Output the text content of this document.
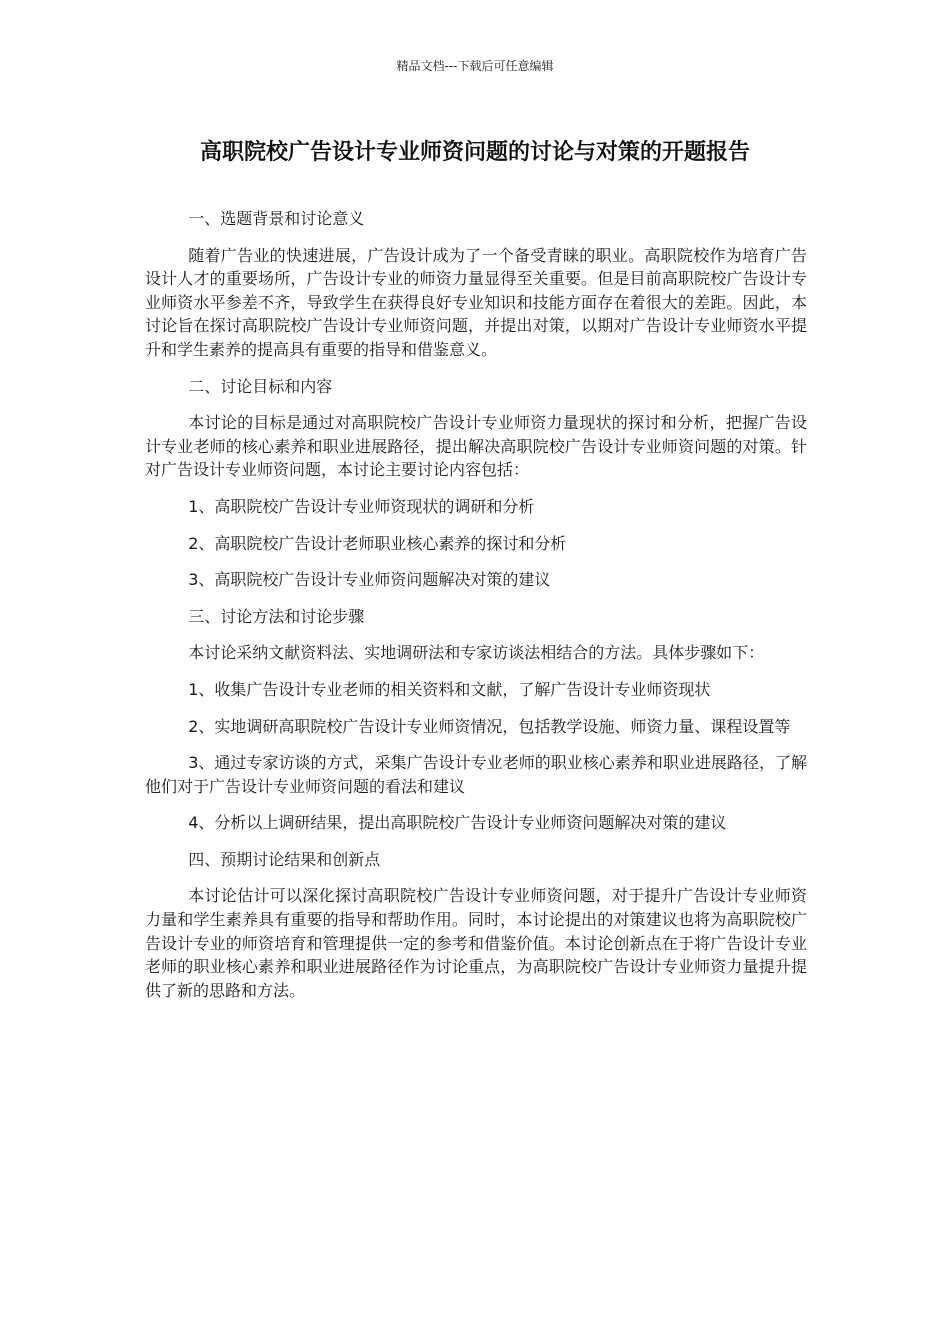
精品文档---下载后可任意编辑
高职院校广告设计专业师资问题的讨论与对策的开题报告

一、选题背景和讨论意义

随着广告业的快速进展，广告设计成为了一个备受青睐的职业。高职院校作为培育广告设计人才的重要场所，广告设计专业的师资力量显得至关重要。但是目前高职院校广告设计专业师资水平参差不齐，导致学生在获得良好专业知识和技能方面存在着很大的差距。因此，本讨论旨在探讨高职院校广告设计专业师资问题，并提出对策，以期对广告设计专业师资水平提升和学生素养的提高具有重要的指导和借鉴意义。

二、讨论目标和内容

本讨论的目标是通过对高职院校广告设计专业师资力量现状的探讨和分析，把握广告设计专业老师的核心素养和职业进展路径，提出解决高职院校广告设计专业师资问题的对策。针对广告设计专业师资问题，本讨论主要讨论内容包括：

1、高职院校广告设计专业师资现状的调研和分析

2、高职院校广告设计老师职业核心素养的探讨和分析

3、高职院校广告设计专业师资问题解决对策的建议

三、讨论方法和讨论步骤

本讨论采纳文献资料法、实地调研法和专家访谈法相结合的方法。具体步骤如下：

1、收集广告设计专业老师的相关资料和文献，了解广告设计专业师资现状

2、实地调研高职院校广告设计专业师资情况，包括教学设施、师资力量、课程设置等

3、通过专家访谈的方式，采集广告设计专业老师的职业核心素养和职业进展路径，了解他们对于广告设计专业师资问题的看法和建议

4、分析以上调研结果，提出高职院校广告设计专业师资问题解决对策的建议

四、预期讨论结果和创新点

本讨论估计可以深化探讨高职院校广告设计专业师资问题，对于提升广告设计专业师资力量和学生素养具有重要的指导和帮助作用。同时，本讨论提出的对策建议也将为高职院校广告设计专业的师资培育和管理提供一定的参考和借鉴价值。本讨论创新点在于将广告设计专业老师的职业核心素养和职业进展路径作为讨论重点，为高职院校广告设计专业师资力量提升提供了新的思路和方法。
